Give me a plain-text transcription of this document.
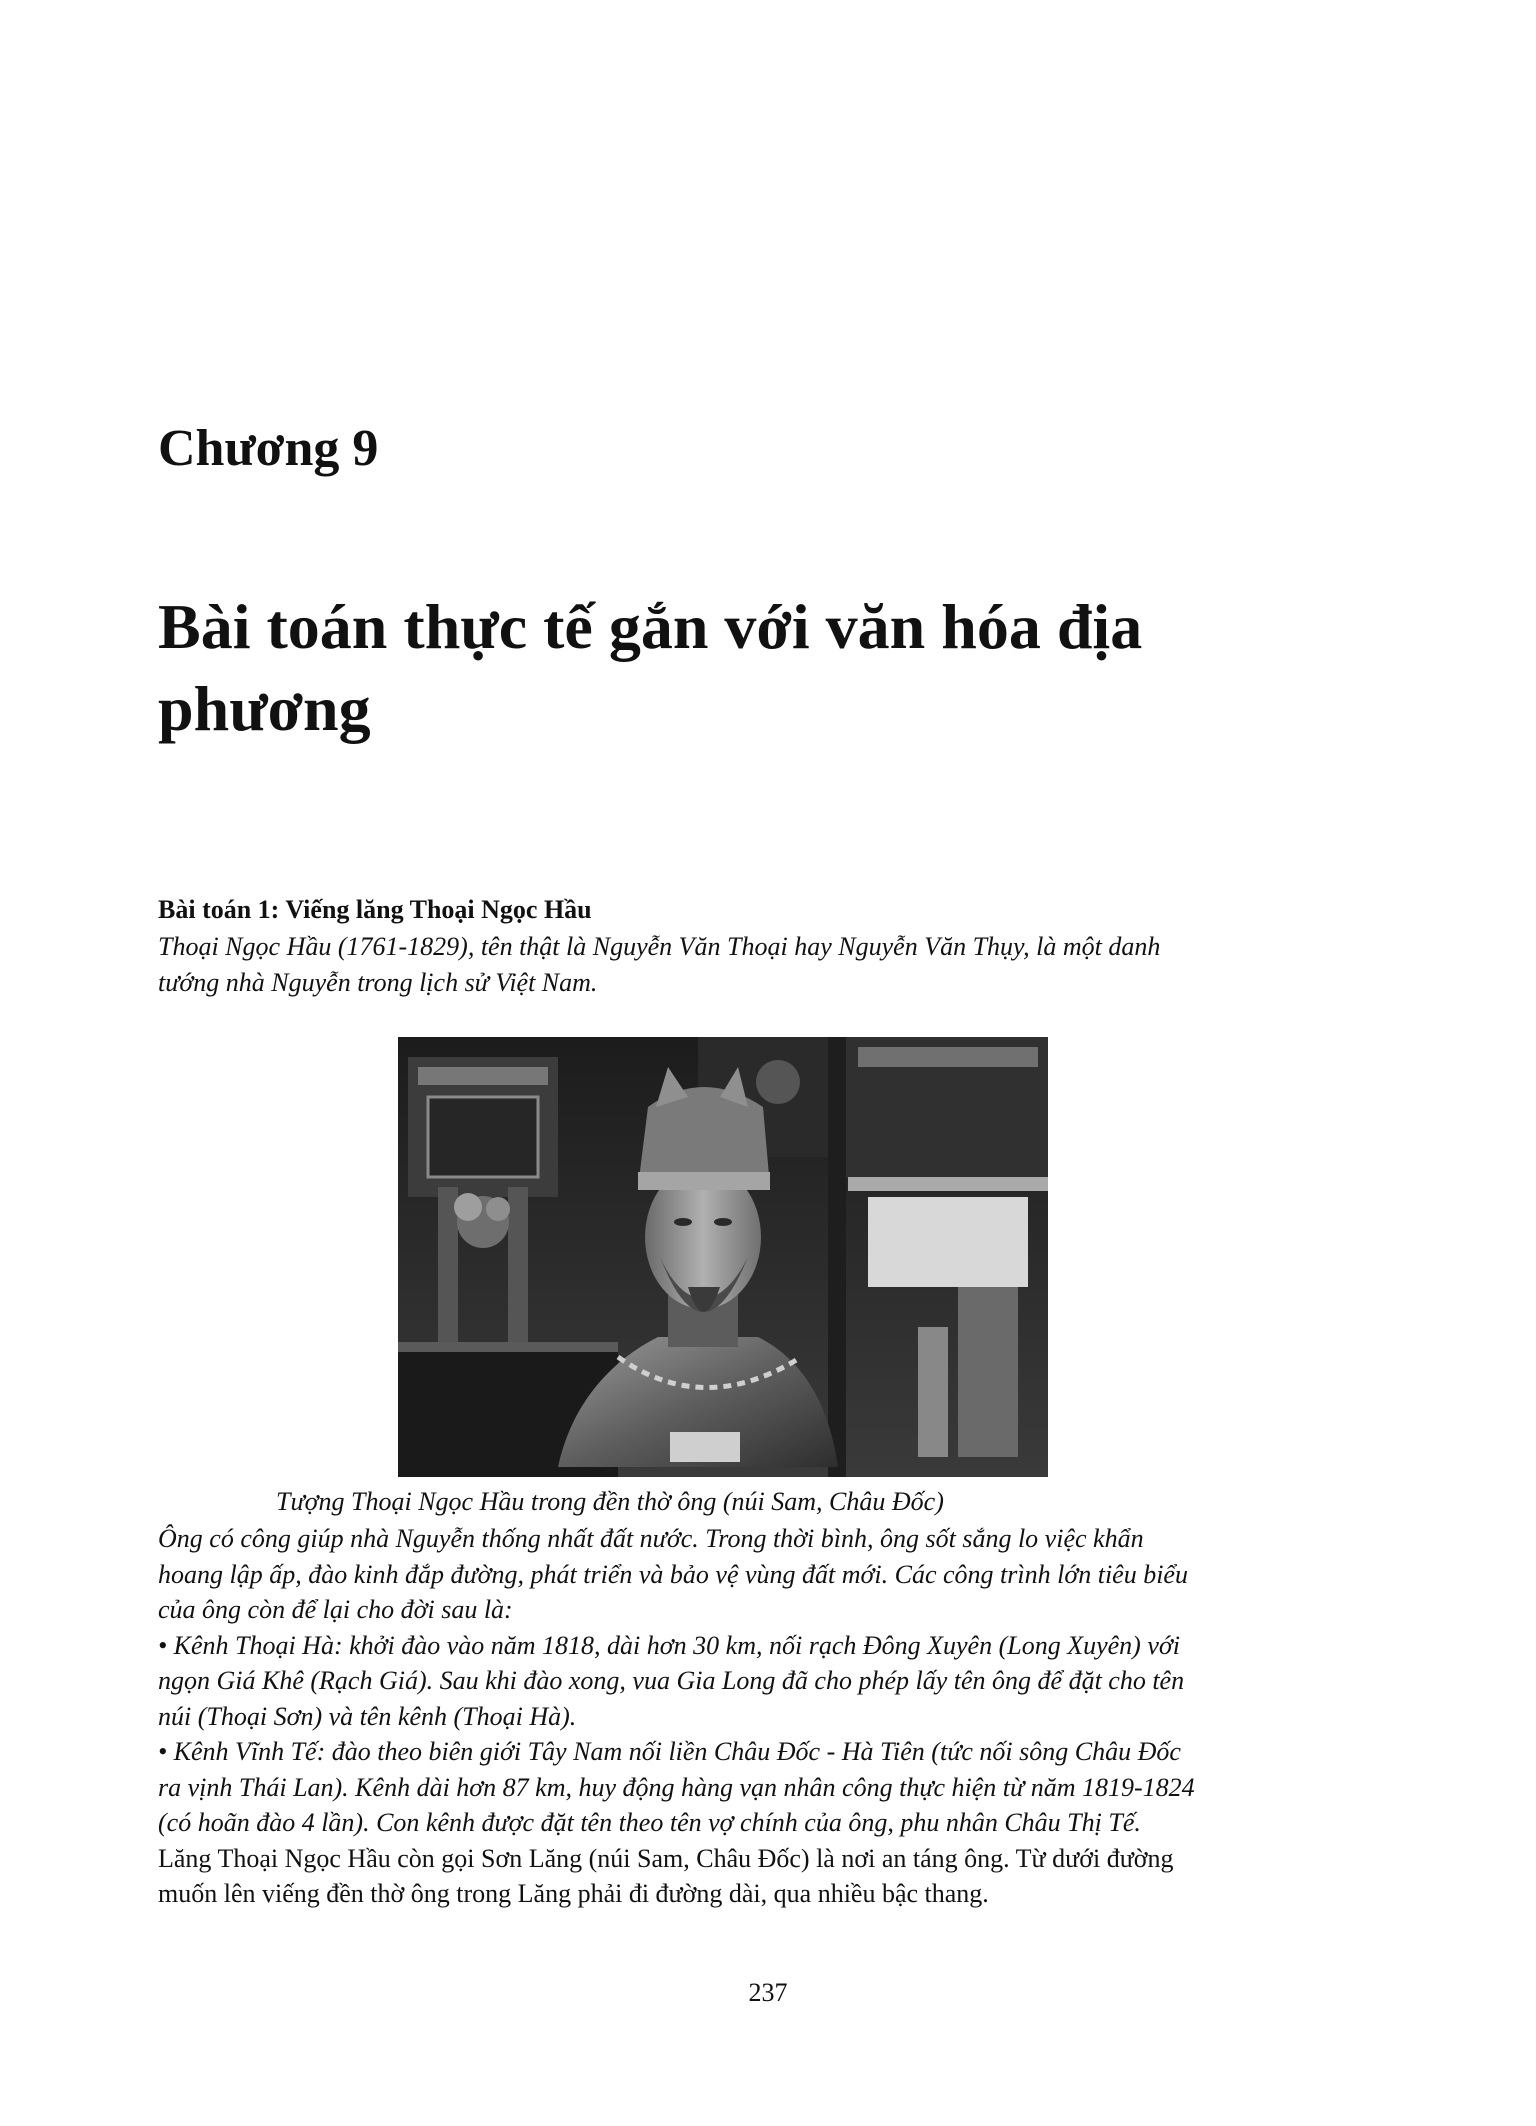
Chương 9
Bài toán thực tế gắn với văn hóa địa
phương
Bài toán 1: Viếng lăng Thoại Ngọc Hầu
Thoại Ngọc Hầu (1761-1829), tên thật là Nguyễn Văn Thoại hay Nguyễn Văn Thụy, là một danh
tướng nhà Nguyễn trong lịch sử Việt Nam.
Tượng Thoại Ngọc Hầu trong đền thờ ông (núi Sam, Châu Đốc)

Ông có công giúp nhà Nguyễn thống nhất đất nước. Trong thời bình, ông sốt sắng lo việc khẩn

hoang lập ấp, đào kinh đắp đường, phát triển và bảo vệ vùng đất mới. Các công trình lớn tiêu biểu

của ông còn để lại cho đời sau là:

• Kênh Thoại Hà: khởi đào vào năm 1818, dài hơn 30 km, nối rạch Đông Xuyên (Long Xuyên) với

ngọn Giá Khê (Rạch Giá). Sau khi đào xong, vua Gia Long đã cho phép lấy tên ông để đặt cho tên

núi (Thoại Sơn) và tên kênh (Thoại Hà).

• Kênh Vĩnh Tế: đào theo biên giới Tây Nam nối liền Châu Đốc - Hà Tiên (tức nối sông Châu Đốc

ra vịnh Thái Lan). Kênh dài hơn 87 km, huy động hàng vạn nhân công thực hiện từ năm 1819-1824

(có hoãn đào 4 lần). Con kênh được đặt tên theo tên vợ chính của ông, phu nhân Châu Thị Tế.

Lăng Thoại Ngọc Hầu còn gọi Sơn Lăng (núi Sam, Châu Đốc) là nơi an táng ông. Từ dưới đường

muốn lên viếng đền thờ ông trong Lăng phải đi đường dài, qua nhiều bậc thang.

237
